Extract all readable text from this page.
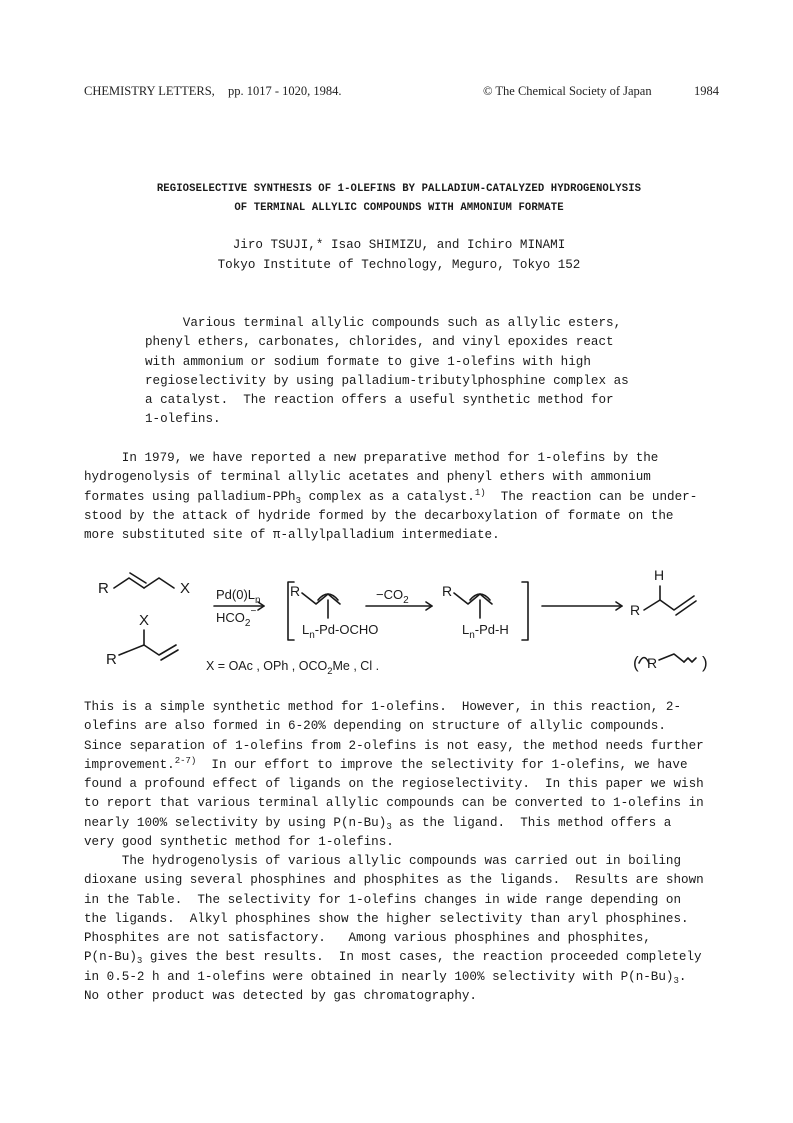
CHEMISTRY LETTERS, pp. 1017 - 1020, 1984.	© The Chemical Society of Japan	1984
REGIOSELECTIVE SYNTHESIS OF 1-OLEFINS BY PALLADIUM-CATALYZED HYDROGENOLYSIS
OF TERMINAL ALLYLIC COMPOUNDS WITH AMMONIUM FORMATE
Jiro TSUJI,* Isao SHIMIZU, and Ichiro MINAMI
Tokyo Institute of Technology, Meguro, Tokyo 152
Various terminal allylic compounds such as allylic esters,
phenyl ethers, carbonates, chlorides, and vinyl epoxides react
with ammonium or sodium formate to give 1-olefins with high
regioselectivity by using palladium-tributylphosphine complex as
a catalyst.  The reaction offers a useful synthetic method for
1-olefins.
In 1979, we have reported a new preparative method for 1-olefins by the
hydrogenolysis of terminal allylic acetates and phenyl ethers with ammonium
formates using palladium-PPh$_3$ complex as a catalyst.$^{1)}$  The reaction can be under-
stood by the attack of hydride formed by the decarboxylation of formate on the
more substituted site of π-allylpalladium intermediate.
R	X
X
R
$Pd(0)L_n$
$HCO_2^-$
R
$L_n-Pd$-OCHO
$-CO_2$
R
$L_n-Pd-H$
R
H
R	)
(
X = OAc , OPh , $OCO_2Me$ , Cl .
This is a simple synthetic method for 1-olefins.  However, in this reaction, 2-
olefins are also formed in 6-20% depending on structure of allylic compounds.
Since separation of 1-olefins from 2-olefins is not easy, the method needs further
improvement.$^{2-7)}$  In our effort to improve the selectivity for 1-olefins, we have
found a profound effect of ligands on the regioselectivity.  In this paper we wish
to report that various terminal allylic compounds can be converted to 1-olefins in
nearly 100% selectivity by using $P(n-Bu)_3$ as the ligand.  This method offers a
very good synthetic method for 1-olefins.
The hydrogenolysis of various allylic compounds was carried out in boiling
dioxane using several phosphines and phosphites as the ligands.  Results are shown
in the Table.  The selectivity for 1-olefins changes in wide range depending on
the ligands.  Alkyl phosphines show the higher selectivity than aryl phosphines.
Phosphites are not satisfactory.   Among various phosphines and phosphites,
$P(n-Bu)_3$ gives the best results.  In most cases, the reaction proceeded completely
in 0.5-2 h and 1-olefins were obtained in nearly 100% selectivity with $P(n-Bu)_3$.
No other product was detected by gas chromatography.
